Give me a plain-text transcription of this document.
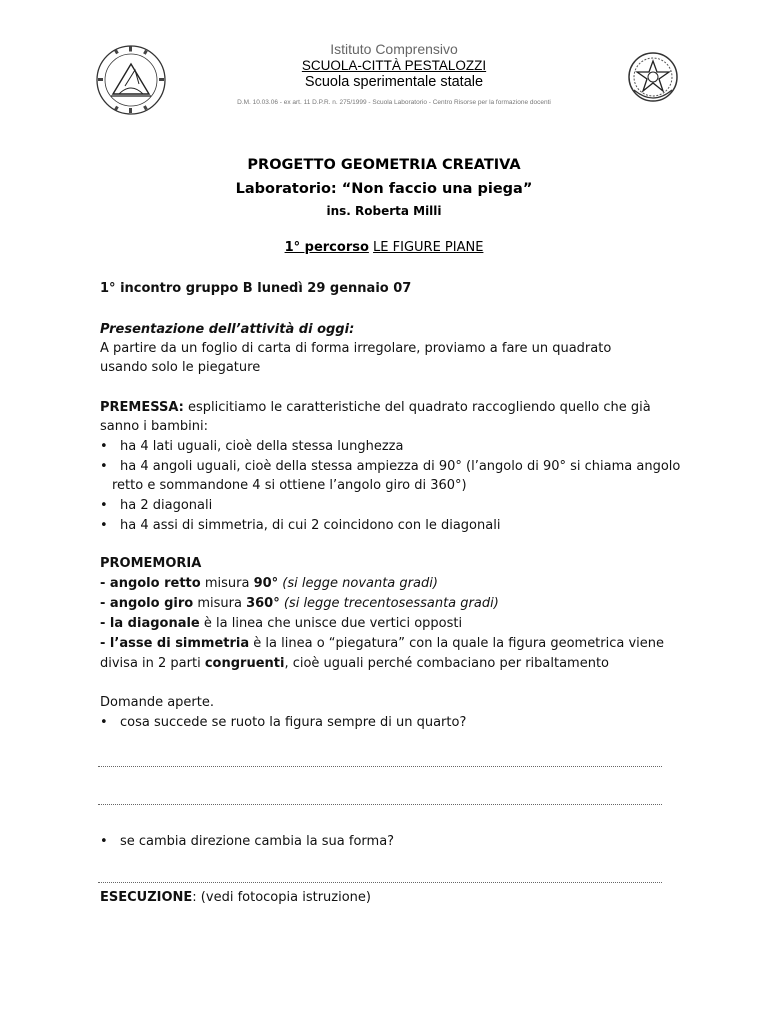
Istituto Comprensivo
SCUOLA-CITTÀ PESTALOZZI
Scuola sperimentale statale
D.M. 10.03.06 - ex art. 11 D.P.R. n. 275/1999 - Scuola Laboratorio - Centro Risorse per la formazione docenti
PROGETTO GEOMETRIA CREATIVA
Laboratorio: “Non faccio una piega”
ins. Roberta Milli
1° percorso LE FIGURE PIANE
1° incontro gruppo B lunedì 29 gennaio 07
Presentazione dell’attività di oggi:
A partire da un foglio di carta di forma irregolare, proviamo a fare un quadrato
usando solo le piegature
PREMESSA: esplicitiamo le caratteristiche del quadrato raccogliendo quello che già
sanno i bambini:
• ha 4 lati uguali, cioè della stessa lunghezza
• ha 4 angoli uguali, cioè della stessa ampiezza di 90° (l’angolo di 90° si chiama angolo
retto e sommandone 4 si ottiene l’angolo giro di 360°)
• ha 2 diagonali
• ha 4 assi di simmetria, di cui 2 coincidono con le diagonali
PROMEMORIA
- angolo retto misura 90° (si legge novanta gradi)
- angolo giro misura 360° (si legge trecentosessanta gradi)
- la diagonale è la linea che unisce due vertici opposti
- l’asse di simmetria è la linea o “piegatura” con la quale la figura geometrica viene
divisa in 2 parti congruenti, cioè uguali perché combaciano per ribaltamento
Domande aperte.
• cosa succede se ruoto la figura sempre di un quarto?
• se cambia direzione cambia la sua forma?
ESECUZIONE: (vedi fotocopia istruzione)
